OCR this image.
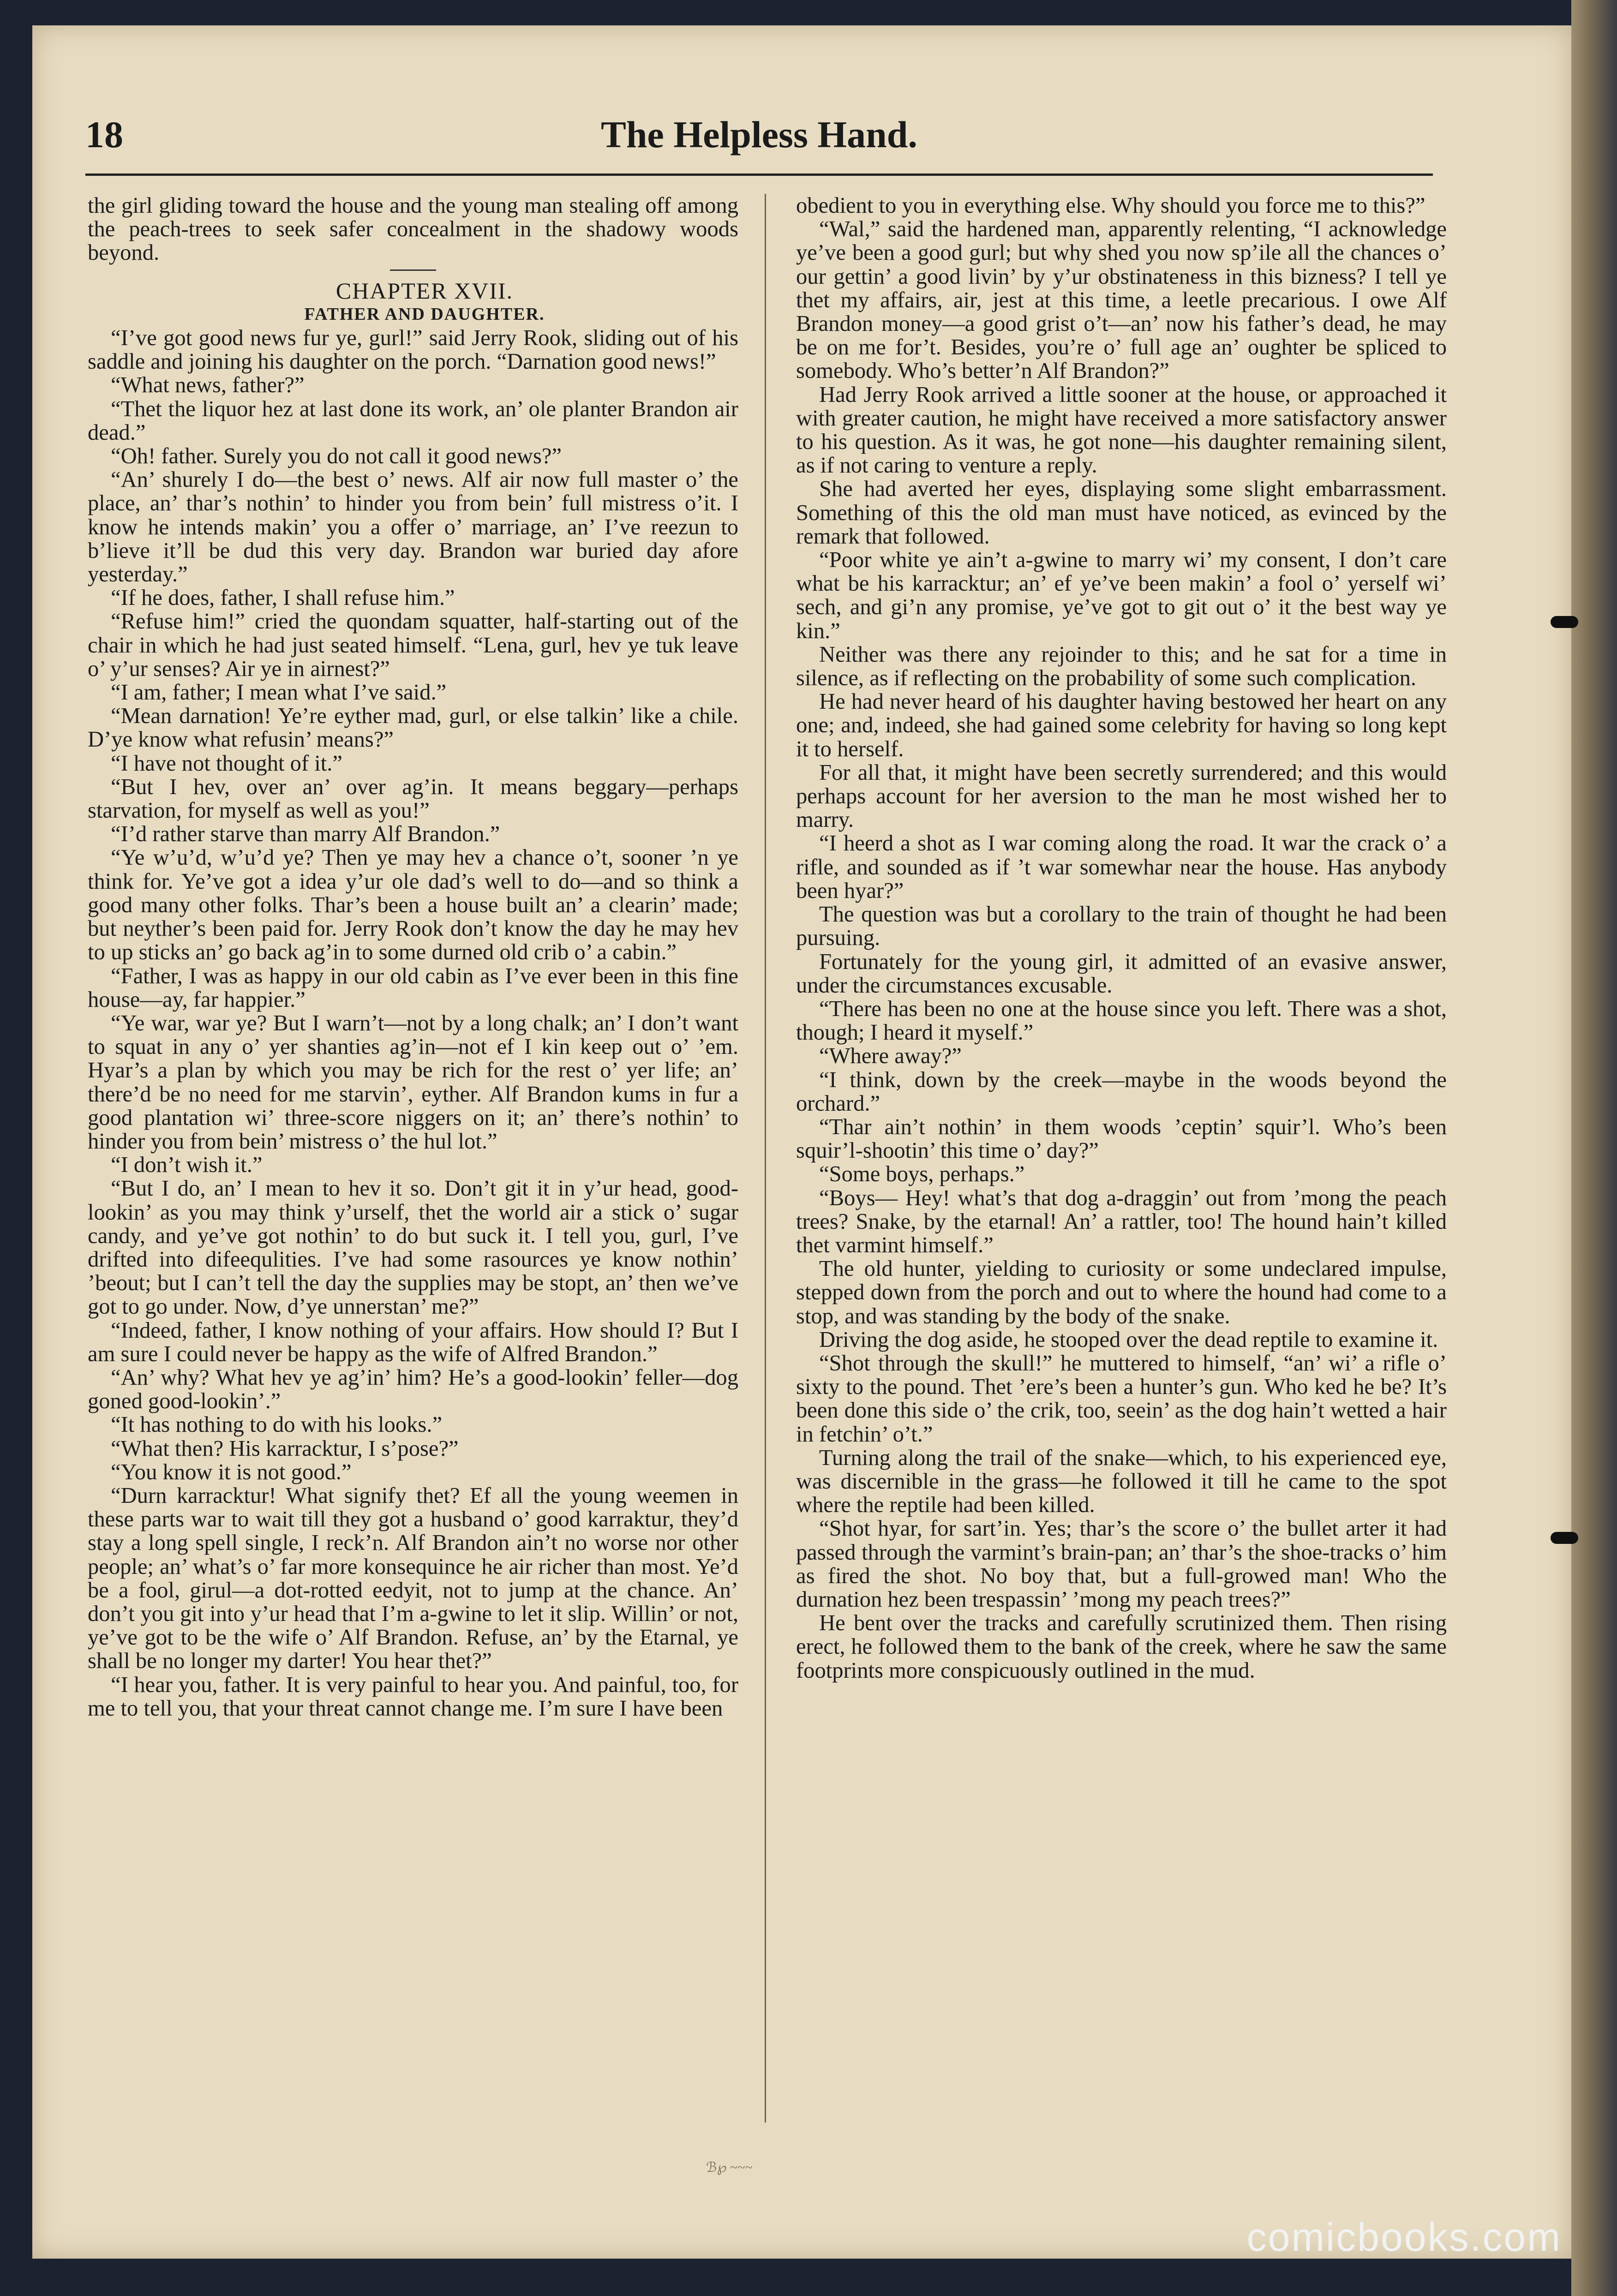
The Helpless Hand.
18

the girl gliding toward the house and the young man stealing off among the peach-trees to seek safer concealment in the shadowy woods beyond.

CHAPTER XVII.

FATHER AND DAUGHTER.

“I’ve got good news fur ye, gurl!” said Jerry Rook, sliding out of his saddle and joining his daughter on the porch. “Darnation good news!”

“What news, father?”

“Thet the liquor hez at last done its work, an’ ole planter Brandon air dead.”

“Oh! father. Surely you do not call it good news?”

“An’ shurely I do—the best o’ news. Alf air now full master o’ the place, an’ thar’s nothin’ to hinder you from bein’ full mistress o’it. I know he intends makin’ you a offer o’ marriage, an’ I’ve reezun to b’lieve it’ll be dud this very day. Brandon war buried day afore yesterday.”

“If he does, father, I shall refuse him.”

“Refuse him!” cried the quondam squatter, half-starting out of the chair in which he had just seated himself. “Lena, gurl, hev ye tuk leave o’ y’ur senses? Air ye in airnest?”

“I am, father; I mean what I’ve said.”

“Mean darnation! Ye’re eyther mad, gurl, or else talkin’ like a chile. D’ye know what refusin’ means?”

“I have not thought of it.”

“But I hev, over an’ over ag’in. It means beggary—perhaps starvation, for myself as well as you!”

“I’d rather starve than marry Alf Brandon.”

“Ye w’u’d, w’u’d ye? Then ye may hev a chance o’t, sooner ’n ye think for. Ye’ve got a idea y’ur ole dad’s well to do—and so think a good many other folks. Thar’s been a house built an’ a clearin’ made; but neyther’s been paid for. Jerry Rook don’t know the day he may hev to up sticks an’ go back ag’in to some durned old crib o’ a cabin.”

“Father, I was as happy in our old cabin as I’ve ever been in this fine house—ay, far happier.”

“Ye war, war ye? But I warn’t—not by a long chalk; an’ I don’t want to squat in any o’ yer shanties ag’in—not ef I kin keep out o’ ’em. Hyar’s a plan by which you may be rich for the rest o’ yer life; an’ there’d be no need for me starvin’, eyther. Alf Brandon kums in fur a good plantation wi’ three-score niggers on it; an’ there’s nothin’ to hinder you from bein’ mistress o’ the hul lot.”

“I don’t wish it.”

“But I do, an’ I mean to hev it so. Don’t git it in y’ur head, good-lookin’ as you may think y’urself, thet the world air a stick o’ sugar candy, and ye’ve got nothin’ to do but suck it. I tell you, gurl, I’ve drifted into difeequlities. I’ve had some rasources ye know nothin’ ’beout; but I can’t tell the day the supplies may be stopt, an’ then we’ve got to go under. Now, d’ye unnerstan’ me?”

“Indeed, father, I know nothing of your affairs. How should I? But I am sure I could never be happy as the wife of Alfred Brandon.”

“An’ why? What hev ye ag’in’ him? He’s a good-lookin’ feller—dog goned good-lookin’.”

“It has nothing to do with his looks.”

“What then? His karracktur, I s’pose?”

“You know it is not good.”

“Durn karracktur! What signify thet? Ef all the young weemen in these parts war to wait till they got a husband o’ good karraktur, they’d stay a long spell single, I reck’n. Alf Brandon ain’t no worse nor other people; an’ what’s o’ far more konsequince he air richer than most. Ye’d be a fool, girul—a dot-rotted eedyit, not to jump at the chance. An’ don’t you git into y’ur head that I’m a-gwine to let it slip. Willin’ or not, ye’ve got to be the wife o’ Alf Brandon. Refuse, an’ by the Etarnal, ye shall be no longer my darter! You hear thet?”

“I hear you, father. It is very painful to hear you. And painful, too, for me to tell you, that your threat cannot change me. I’m sure I have been

obedient to you in everything else. Why should you force me to this?”

“Wal,” said the hardened man, apparently relenting, “I acknowledge ye’ve been a good gurl; but why shed you now sp’ile all the chances o’ our gettin’ a good livin’ by y’ur obstinateness in this bizness? I tell ye thet my affairs, air, jest at this time, a leetle precarious. I owe Alf Brandon money—a good grist o’t—an’ now his father’s dead, he may be on me for’t. Besides, you’re o’ full age an’ oughter be spliced to somebody. Who’s better’n Alf Brandon?”

Had Jerry Rook arrived a little sooner at the house, or approached it with greater caution, he might have received a more satisfactory answer to his question. As it was, he got none—his daughter remaining silent, as if not caring to venture a reply.

She had averted her eyes, displaying some slight embarrassment. Something of this the old man must have noticed, as evinced by the remark that followed.

“Poor white ye ain’t a-gwine to marry wi’ my consent, I don’t care what be his karracktur; an’ ef ye’ve been makin’ a fool o’ yerself wi’ sech, and gi’n any promise, ye’ve got to git out o’ it the best way ye kin.”

Neither was there any rejoinder to this; and he sat for a time in silence, as if reflecting on the probability of some such complication.

He had never heard of his daughter having bestowed her heart on any one; and, indeed, she had gained some celebrity for having so long kept it to herself.

For all that, it might have been secretly surrendered; and this would perhaps account for her aversion to the man he most wished her to marry.

“I heerd a shot as I war coming along the road. It war the crack o’ a rifle, and sounded as if ’t war somewhar near the house. Has anybody been hyar?”

The question was but a corollary to the train of thought he had been pursuing.

Fortunately for the young girl, it admitted of an evasive answer, under the circumstances excusable.

“There has been no one at the house since you left. There was a shot, though; I heard it myself.”

“Where away?”

“I think, down by the creek—maybe in the woods beyond the orchard.”

“Thar ain’t nothin’ in them woods ’ceptin’ squir’l. Who’s been squir’l-shootin’ this time o’ day?”

“Some boys, perhaps.”

“Boys— Hey! what’s that dog a-draggin’ out from ’mong the peach trees? Snake, by the etarnal! An’ a rattler, too! The hound hain’t killed thet varmint himself.”

The old hunter, yielding to curiosity or some undeclared impulse, stepped down from the porch and out to where the hound had come to a stop, and was standing by the body of the snake.

Driving the dog aside, he stooped over the dead reptile to examine it.

“Shot through the skull!” he muttered to himself, “an’ wi’ a rifle o’ sixty to the pound. Thet ’ere’s been a hunter’s gun. Who ked he be? It’s been done this side o’ the crik, too, seein’ as the dog hain’t wetted a hair in fetchin’ o’t.”

Turning along the trail of the snake—which, to his experienced eye, was discernible in the grass—he followed it till he came to the spot where the reptile had been killed.

“Shot hyar, for sart’in. Yes; thar’s the score o’ the bullet arter it had passed through the varmint’s brain-pan; an’ thar’s the shoe-tracks o’ him as fired the shot. No boy that, but a full-growed man! Who the durnation hez been trespassin’ ’mong my peach trees?”

He bent over the tracks and carefully scrutinized them. Then rising erect, he followed them to the bank of the creek, where he saw the same footprints more conspicuously outlined in the mud.

ℬ℘ ~~~
comicbooks.com
